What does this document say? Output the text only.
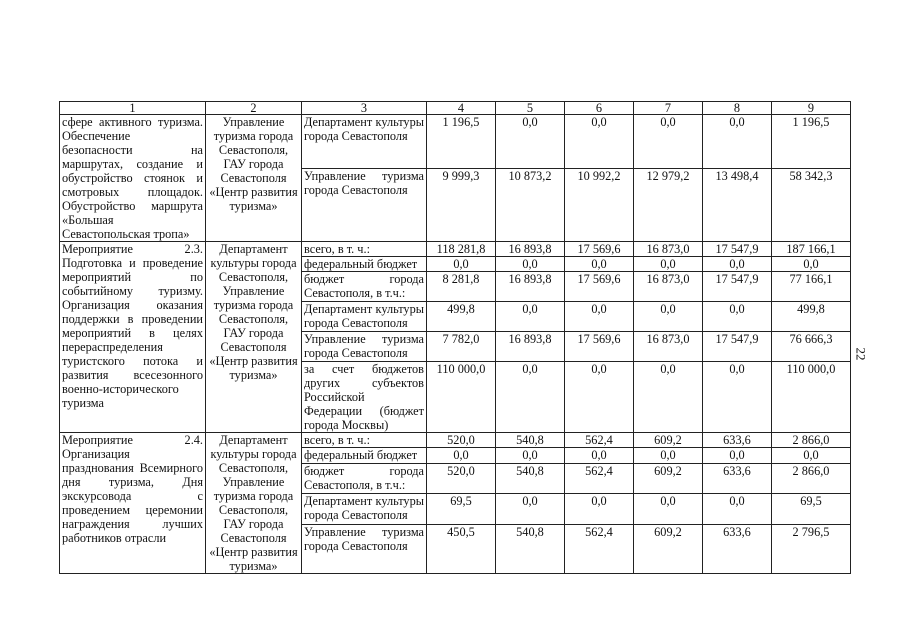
1	2	3	4	5	6	7	8	9
сфере активного туризма. Обеспечение безопасности на маршрутах, создание и обустройство стоянок и смотровых площадок. Обустройство маршрута «Большая Севастопольская тропа»	Управление туризма города Севастополя, ГАУ города Севастополя «Центр развития туризма»	Департамент культуры города Севастополя	1 196,5	0,0	0,0	0,0	0,0	1 196,5
		Управление туризма города Севастополя	9 999,3	10 873,2	10 992,2	12 979,2	13 498,4	58 342,3
Мероприятие 2.3. Подготовка и проведение мероприятий по событийному туризму. Организация оказания поддержки в проведении мероприятий в целях перераспределения туристского потока и развития всесезонного военно-исторического туризма	Департамент культуры города Севастополя, Управление туризма города Севастополя, ГАУ города Севастополя «Центр развития туризма»	всего, в т. ч.:	118 281,8	16 893,8	17 569,6	16 873,0	17 547,9	187 166,1
		федеральный бюджет	0,0	0,0	0,0	0,0	0,0	0,0
		бюджет города Севастополя, в т.ч.:	8 281,8	16 893,8	17 569,6	16 873,0	17 547,9	77 166,1
		Департамент культуры города Севастополя	499,8	0,0	0,0	0,0	0,0	499,8
		Управление туризма города Севастополя	7 782,0	16 893,8	17 569,6	16 873,0	17 547,9	76 666,3
		за счет бюджетов других субъектов Российской Федерации (бюджет города Москвы)	110 000,0	0,0	0,0	0,0	0,0	110 000,0
Мероприятие 2.4. Организация празднования Всемирного дня туризма, Дня экскурсовода с проведением церемонии награждения лучших работников отрасли	Департамент культуры города Севастополя, Управление туризма города Севастополя, ГАУ города Севастополя «Центр развития туризма»	всего, в т. ч.:	520,0	540,8	562,4	609,2	633,6	2 866,0
		федеральный бюджет	0,0	0,0	0,0	0,0	0,0	0,0
		бюджет города Севастополя, в т.ч.:	520,0	540,8	562,4	609,2	633,6	2 866,0
		Департамент культуры города Севастополя	69,5	0,0	0,0	0,0	0,0	69,5
		Управление туризма города Севастополя	450,5	540,8	562,4	609,2	633,6	2 796,5
22
